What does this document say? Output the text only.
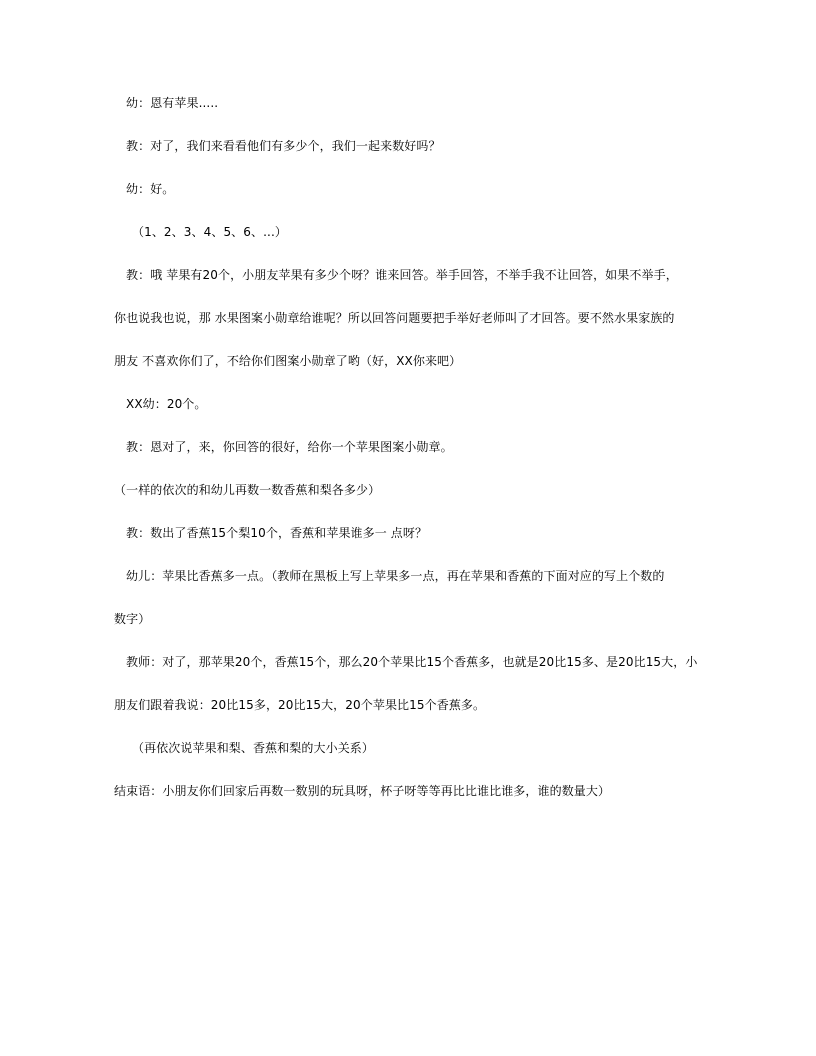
幼：恩有苹果.....
教：对了，我们来看看他们有多少个，我们一起来数好吗？
幼：好。
（1、2、3、4、5、6、...）
教：哦 苹果有20个，小朋友苹果有多少个呀？谁来回答。举手回答，不举手我不让回答，如果不举手，
你也说我也说，那 水果图案小勋章给谁呢？所以回答问题要把手举好老师叫了才回答。要不然水果家族的
朋友 不喜欢你们了，不给你们图案小勋章了哟（好，XX你来吧）
XX幼：20个。
教：恩对了，来，你回答的很好，给你一个苹果图案小勋章。
（一样的依次的和幼儿再数一数香蕉和梨各多少）
教：数出了香蕉15个梨10个，香蕉和苹果谁多一 点呀？
幼儿：苹果比香蕉多一点。（教师在黑板上写上苹果多一点，再在苹果和香蕉的下面对应的写上个数的
数字）
教师：对了，那苹果20个，香蕉15个，那么20个苹果比15个香蕉多，也就是20比15多、是20比15大，小
朋友们跟着我说：20比15多，20比15大，20个苹果比15个香蕉多。
（再依次说苹果和梨、香蕉和梨的大小关系）
结束语：小朋友你们回家后再数一数别的玩具呀，杯子呀等等再比比谁比谁多，谁的数量大）
